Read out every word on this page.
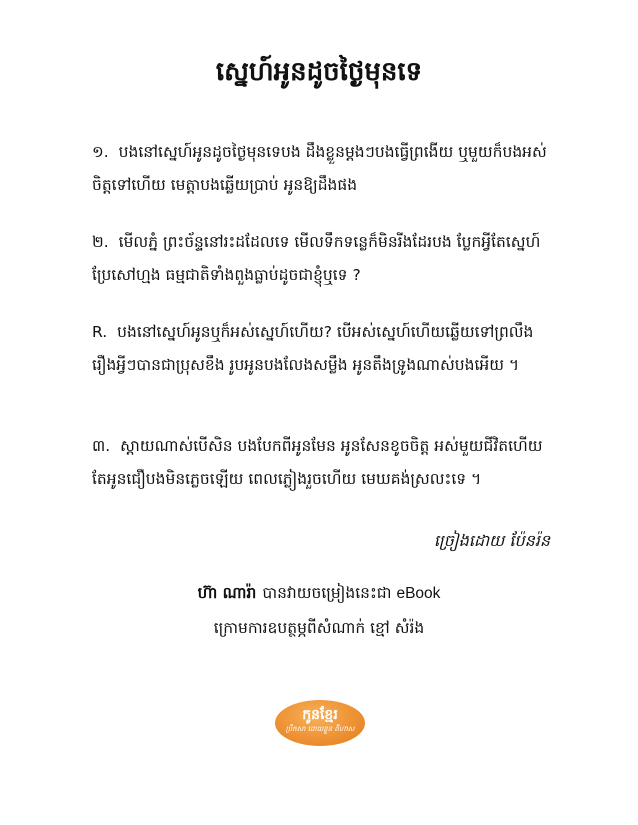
ស្នេហ៍អូនដូចថ្ងៃមុនទេ

១. បងនៅស្នេហ៍អូនដូចថ្ងៃមុនទេបង ដឹងខ្លួនម្តងៗបងធ្វើព្រងើយ ឬមួយក៏បងអស់ចិត្តទៅហើយ មេត្តាបងឆ្លើយប្រាប់ អូនឱ្យដឹងផង

២. មើលភ្នំ ព្រះច័ន្ទនៅរះដដែលទេ មើលទឹកទន្លេក៏មិនរីងដែរបង ប្លែកអ្វីតែស្នេហ៍ប្រែសៅហ្មង ធម្មជាតិទាំងពួងធ្លាប់ដូចជាខ្ញុំឬទេ ?

R. បងនៅស្នេហ៍អូនឬក៏អស់ស្នេហ៍ហើយ? បើអស់ស្នេហ៍ហើយឆ្លើយទៅព្រលឹង រឿងអ្វីៗបានជាប្រុសខឹង រូបអូនបងលែងសម្លឹង អូនតឹងទ្រូងណាស់បងអើយ ។

៣. ស្តាយណាស់បើសិន បងបែកពីអូនមែន អូនសែនខូចចិត្ត អស់មួយជីវិតហើយ តែអូនជឿបងមិនភ្លេចឡើយ ពេលភ្លៀងរួចហើយ មេឃគង់ស្រលះទេ ។

ច្រៀងដោយ ប៉ែនរ៉ន

ហ៊ា ណារ៉ា បានវាយចម្រៀងនេះជា eBook

ក្រោមការឧបត្ថម្ភពីសំណាក់ ខ្មៅ សំរ៉ង

កូនខ្មែរ
ប្រឹកសា ដោយខ្លួន ពីហាស
